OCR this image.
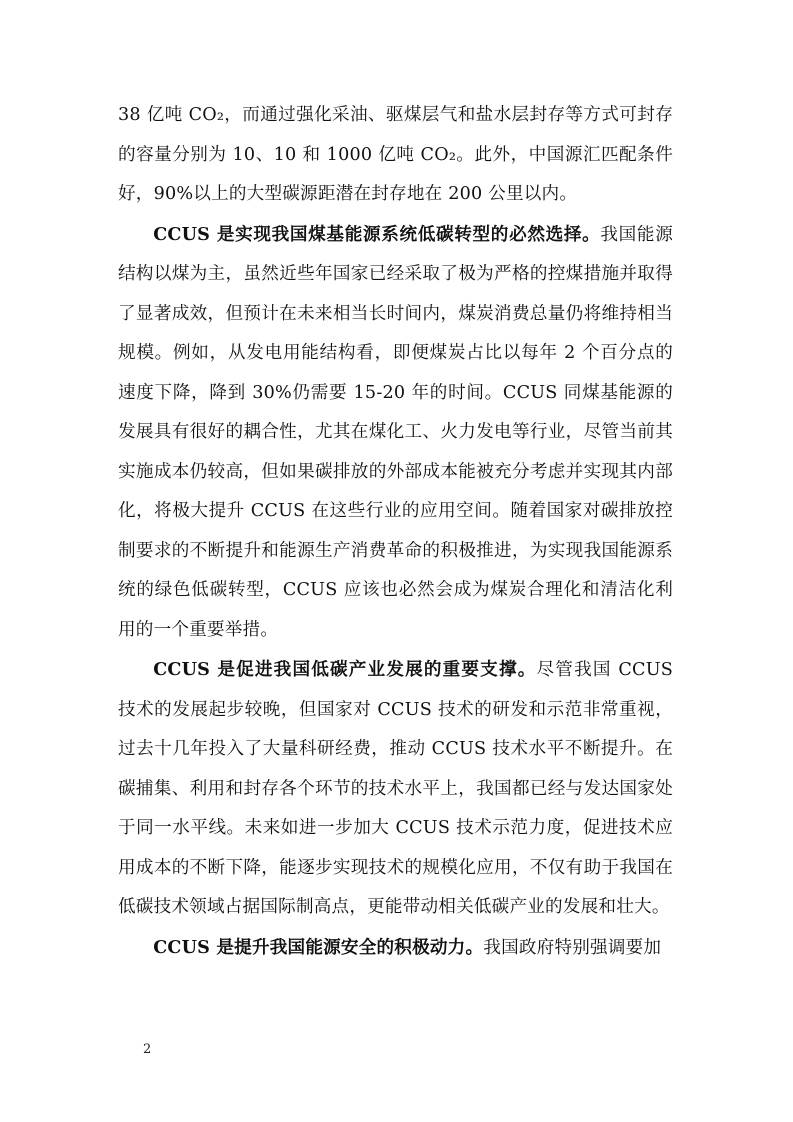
38 亿吨 CO₂，而通过强化采油、驱煤层气和盐水层封存等方式可封存的容量分别为 10、10 和 1000 亿吨 CO₂。此外，中国源汇匹配条件好，90%以上的大型碳源距潜在封存地在 200 公里以内。

CCUS 是实现我国煤基能源系统低碳转型的必然选择。我国能源结构以煤为主，虽然近些年国家已经采取了极为严格的控煤措施并取得了显著成效，但预计在未来相当长时间内，煤炭消费总量仍将维持相当规模。例如，从发电用能结构看，即便煤炭占比以每年 2 个百分点的速度下降，降到 30%仍需要 15-20 年的时间。CCUS 同煤基能源的发展具有很好的耦合性，尤其在煤化工、火力发电等行业，尽管当前其实施成本仍较高，但如果碳排放的外部成本能被充分考虑并实现其内部化，将极大提升 CCUS 在这些行业的应用空间。随着国家对碳排放控制要求的不断提升和能源生产消费革命的积极推进，为实现我国能源系统的绿色低碳转型，CCUS 应该也必然会成为煤炭合理化和清洁化利用的一个重要举措。

CCUS 是促进我国低碳产业发展的重要支撑。尽管我国 CCUS 技术的发展起步较晚，但国家对 CCUS 技术的研发和示范非常重视，过去十几年投入了大量科研经费，推动 CCUS 技术水平不断提升。在碳捕集、利用和封存各个环节的技术水平上，我国都已经与发达国家处于同一水平线。未来如进一步加大 CCUS 技术示范力度，促进技术应用成本的不断下降，能逐步实现技术的规模化应用，不仅有助于我国在低碳技术领域占据国际制高点，更能带动相关低碳产业的发展和壮大。

CCUS 是提升我国能源安全的积极动力。我国政府特别强调要加

2
